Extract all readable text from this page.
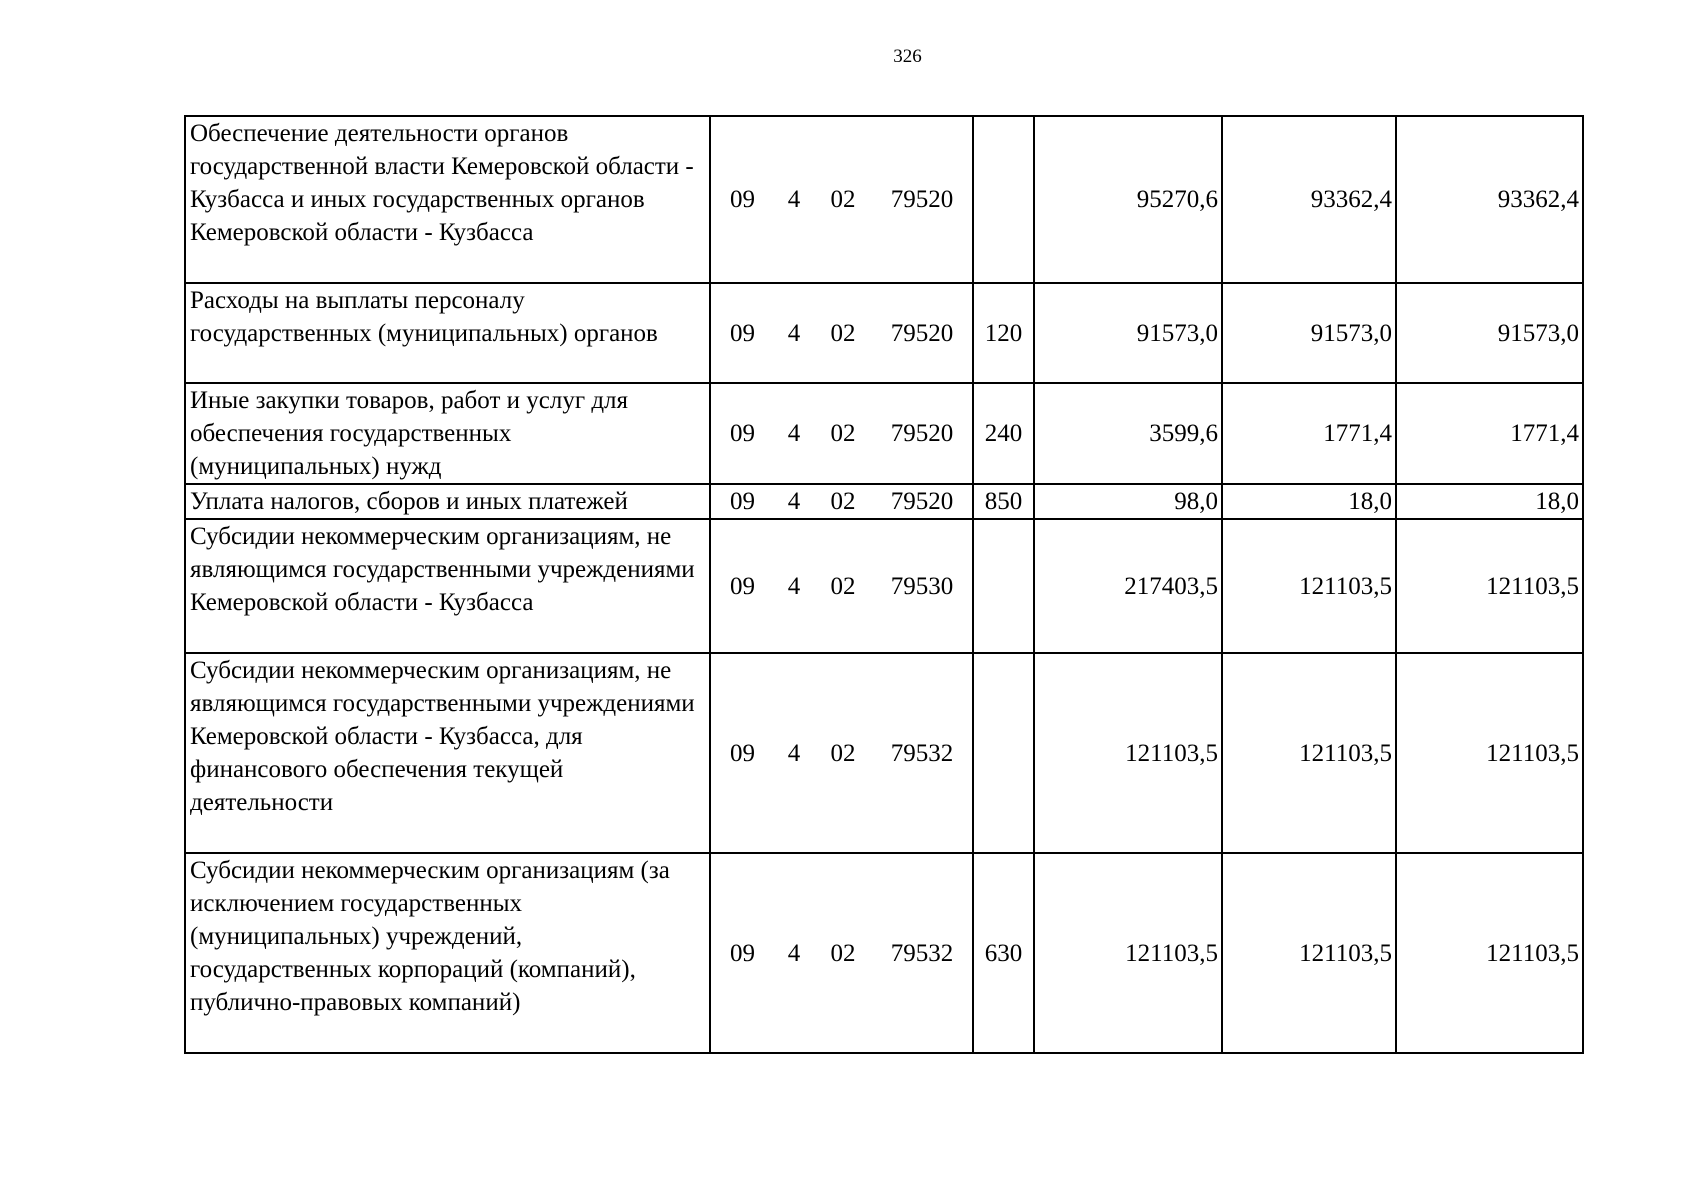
326
Обеспечение деятельности органов государственной власти Кемеровской области - Кузбасса и иных государственных органов Кемеровской области - Кузбасса	09 4 02 79520		95270,6	93362,4	93362,4

Расходы на выплаты персоналу государственных (муниципальных) органов	09 4 02 79520	120	91573,0	91573,0	91573,0

Иные закупки товаров, работ и услуг для обеспечения государственных (муниципальных) нужд	09 4 02 79520	240	3599,6	1771,4	1771,4

Уплата налогов, сборов и иных платежей	09 4 02 79520	850	98,0	18,0	18,0

Субсидии некоммерческим организациям, не являющимся государственными учреждениями Кемеровской области - Кузбасса	09 4 02 79530		217403,5	121103,5	121103,5

Субсидии некоммерческим организациям, не являющимся государственными учреждениями Кемеровской области - Кузбасса, для финансового обеспечения текущей деятельности	09 4 02 79532		121103,5	121103,5	121103,5

Субсидии некоммерческим организациям (за исключением государственных (муниципальных) учреждений, государственных корпораций (компаний), публично-правовых компаний)	09 4 02 79532	630	121103,5	121103,5	121103,5
